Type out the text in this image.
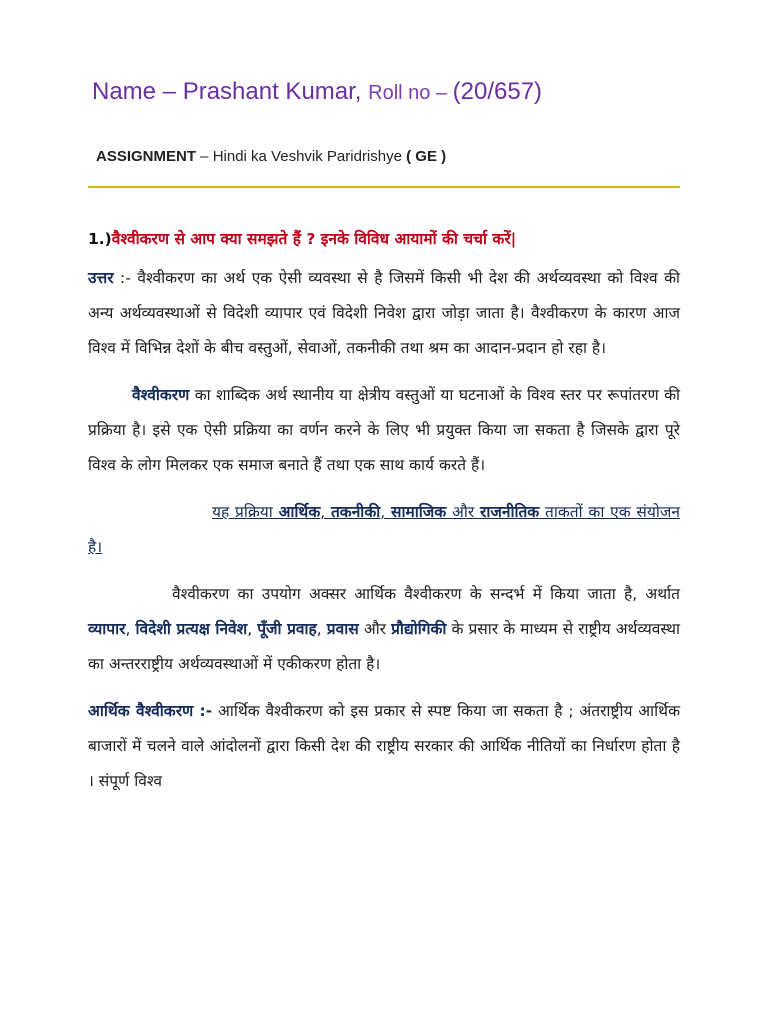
Name – Prashant Kumar, Roll no – (20/657)
ASSIGNMENT – Hindi ka Veshvik Paridrishye ( GE )

1.)वैश्वीकरण से आप क्या समझते हैं ? इनके विविध आयामों की चर्चा करें|

उत्तर :- वैश्वीकरण का अर्थ एक ऐसी व्यवस्था से है जिसमें किसी भी देश की अर्थव्यवस्था को विश्व की अन्य अर्थव्यवस्थाओं से विदेशी व्यापार एवं विदेशी निवेश द्वारा जोड़ा जाता है। वैश्वीकरण के कारण आज विश्व में विभिन्न देशों के बीच वस्तुओं, सेवाओं, तकनीकी तथा श्रम का आदान-प्रदान हो रहा है।

वैश्वीकरण का शाब्दिक अर्थ स्थानीय या क्षेत्रीय वस्तुओं या घटनाओं के विश्व स्तर पर रूपांतरण की प्रक्रिया है। इसे एक ऐसी प्रक्रिया का वर्णन करने के लिए भी प्रयुक्त किया जा सकता है जिसके द्वारा पूरे विश्व के लोग मिलकर एक समाज बनाते हैं तथा एक साथ कार्य करते हैं।

यह प्रक्रिया आर्थिक, तकनीकी, सामाजिक और राजनीतिक ताकतों का एक संयोजन है।

वैश्वीकरण का उपयोग अक्सर आर्थिक वैश्वीकरण के सन्दर्भ में किया जाता है, अर्थात व्यापार, विदेशी प्रत्यक्ष निवेश, पूँजी प्रवाह, प्रवास और प्रौद्योगिकी के प्रसार के माध्यम से राष्ट्रीय अर्थव्यवस्था का अन्तरराष्ट्रीय अर्थव्यवस्थाओं में एकीकरण होता है।

आर्थिक वैश्वीकरण :- आर्थिक वैश्वीकरण को इस प्रकार से स्पष्ट किया जा सकता है ; अंतराष्ट्रीय आर्थिक बाजारों में चलने वाले आंदोलनों द्वारा किसी देश की राष्ट्रीय सरकार की आर्थिक नीतियों का निर्धारण होता है । संपूर्ण विश्व
